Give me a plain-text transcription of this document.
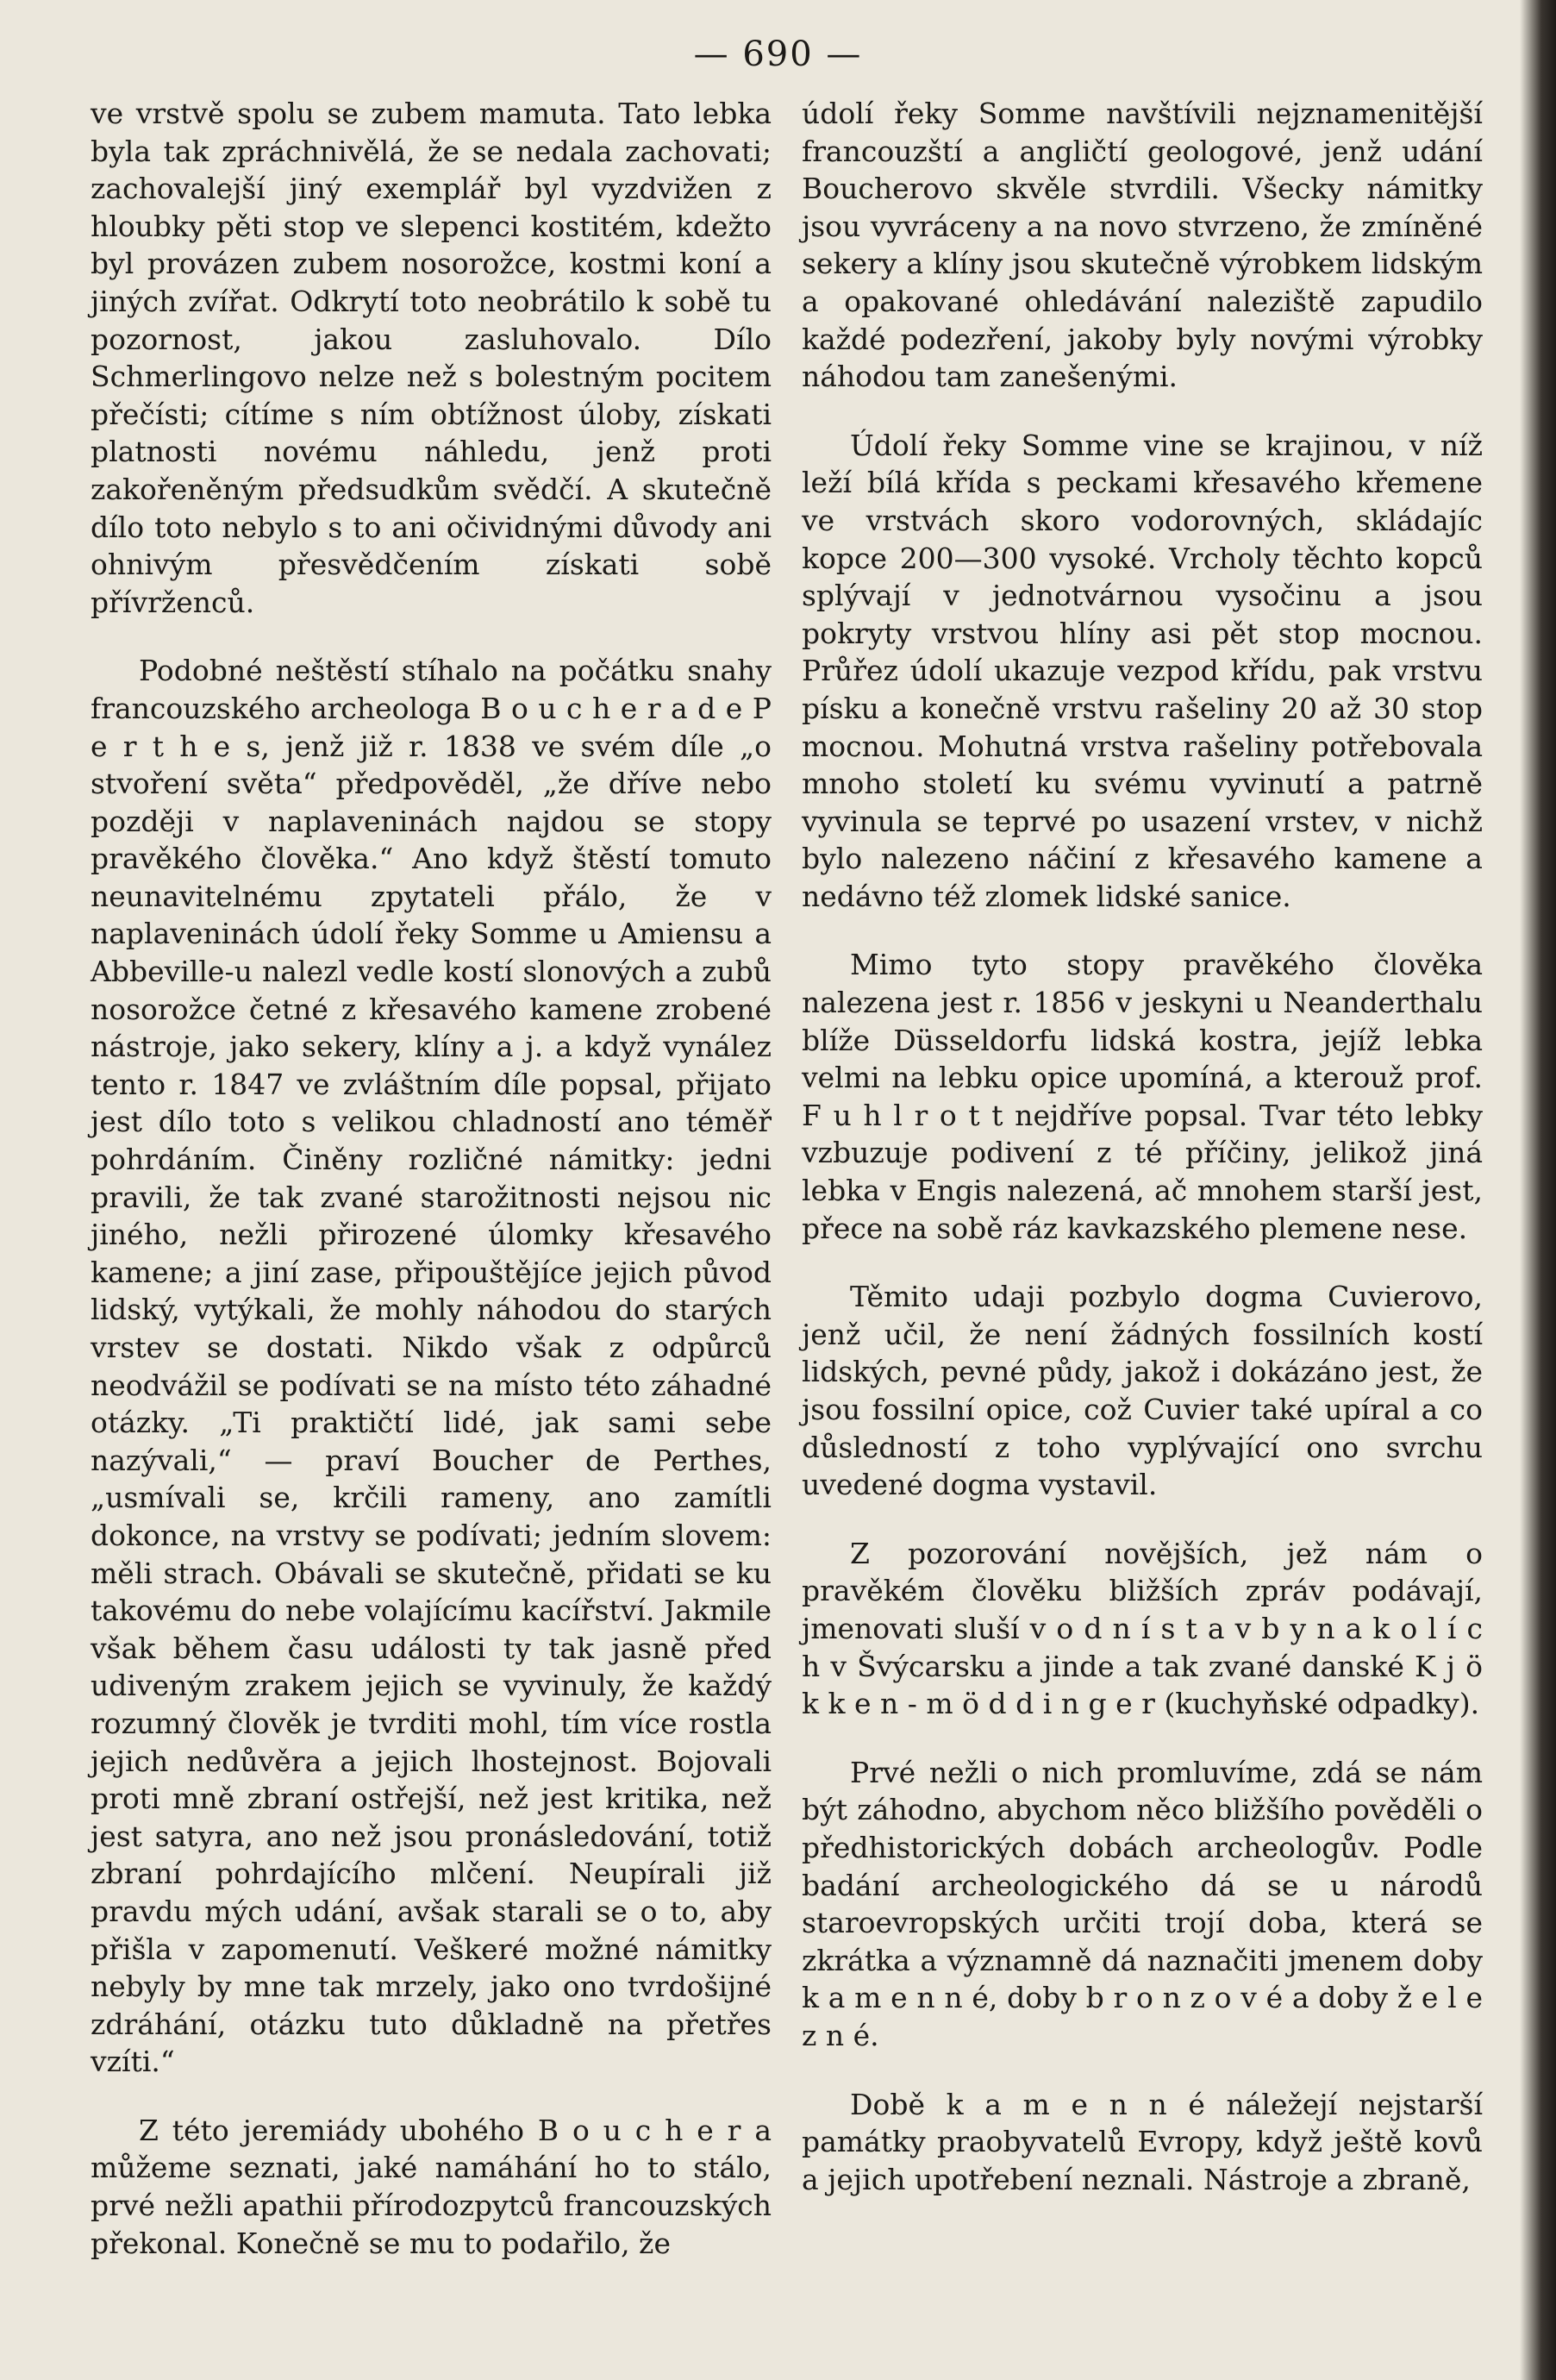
— 690 —

ve vrstvě spolu se zubem mamuta. Tato lebka byla tak zpráchnivělá, že se nedala zachovati; zachovalejší jiný exemplář byl vyzdvižen z hloubky pěti stop ve slepenci kostitém, kdežto byl provázen zubem nosorožce, kostmi koní a jiných zvířat. Odkrytí toto neobrátilo k sobě tu pozornost, jakou zasluhovalo. Dílo Schmerlingovo nelze než s bolestným pocitem přečísti; cítíme s ním obtížnost úloby, získati platnosti novému náhledu, jenž proti zakořeněným předsudkům svědčí. A skutečně dílo toto nebylo s to ani očividnými důvody ani ohnivým přesvědčením získati sobě přívrženců.

Podobné neštěstí stíhalo na počátku snahy francouzského archeologa B o u c h e r a d e P e r t h e s, jenž již r. 1838 ve svém díle „o stvoření světa“ předpověděl, „že dříve nebo později v naplaveninách najdou se stopy pravěkého člověka.“ Ano když štěstí tomuto neunavitelnému zpytateli přálo, že v naplaveninách údolí řeky Somme u Amiensu a Abbeville-u nalezl vedle kostí slonových a zubů nosorožce četné z křesavého kamene zrobené nástroje, jako sekery, klíny a j. a když vynález tento r. 1847 ve zvláštním díle popsal, přijato jest dílo toto s velikou chladností ano téměř pohrdáním. Činěny rozličné námitky: jedni pravili, že tak zvané starožitnosti nejsou nic jiného, nežli přirozené úlomky křesavého kamene; a jiní zase, připouštějíce jejich původ lidský, vytýkali, že mohly náhodou do starých vrstev se dostati. Nikdo však z odpůrců neodvážil se podívati se na místo této záhadné otázky. „Ti praktičtí lidé, jak sami sebe nazývali,“ — praví Boucher de Perthes, „usmívali se, krčili rameny, ano zamítli dokonce, na vrstvy se podívati; jedním slovem: měli strach. Obávali se skutečně, přidati se ku takovému do nebe volajícímu kacířství. Jakmile však během času události ty tak jasně před udiveným zrakem jejich se vyvinuly, že každý rozumný člověk je tvrditi mohl, tím více rostla jejich nedůvěra a jejich lhostejnost. Bojovali proti mně zbraní ostřejší, než jest kritika, než jest satyra, ano než jsou pronásledování, totiž zbraní pohrdajícího mlčení. Neupírali již pravdu mých udání, avšak starali se o to, aby přišla v zapomenutí. Veškeré možné námitky nebyly by mne tak mrzely, jako ono tvrdošijné zdráhání, otázku tuto důkladně na přetřes vzíti.“

Z této jeremiády ubohého B o u c h e r a můžeme seznati, jaké namáhání ho to stálo, prvé nežli apathii přírodozpytců francouzských překonal. Konečně se mu to podařilo, že

údolí řeky Somme navštívili nejznamenitější francouzští a angličtí geologové, jenž udání Boucherovo skvěle stvrdili. Všecky námitky jsou vyvráceny a na novo stvrzeno, že zmíněné sekery a klíny jsou skutečně výrobkem lidským a opakované ohledávání naleziště zapudilo každé podezření, jakoby byly novými výrobky náhodou tam zanešenými.

Údolí řeky Somme vine se krajinou, v níž leží bílá křída s peckami křesavého křemene ve vrstvách skoro vodorovných, skládajíc kopce 200—300 vysoké. Vrcholy těchto kopců splývají v jednotvárnou vysočinu a jsou pokryty vrstvou hlíny asi pět stop mocnou. Průřez údolí ukazuje vezpod křídu, pak vrstvu písku a konečně vrstvu rašeliny 20 až 30 stop mocnou. Mohutná vrstva rašeliny potřebovala mnoho století ku svému vyvinutí a patrně vyvinula se teprvé po usazení vrstev, v nichž bylo nalezeno náčiní z křesavého kamene a nedávno též zlomek lidské sanice.

Mimo tyto stopy pravěkého člověka nalezena jest r. 1856 v jeskyni u Neanderthalu blíže Düsseldorfu lidská kostra, jejíž lebka velmi na lebku opice upomíná, a kterouž prof. F u h l r o t t nejdříve popsal. Tvar této lebky vzbuzuje podivení z té příčiny, jelikož jiná lebka v Engis nalezená, ač mnohem starší jest, přece na sobě ráz kavkazského plemene nese.

Těmito udaji pozbylo dogma Cuvierovo, jenž učil, že není žádných fossilních kostí lidských, pevné půdy, jakož i dokázáno jest, že jsou fossilní opice, což Cuvier také upíral a co důsledností z toho vyplývající ono svrchu uvedené dogma vystavil.

Z pozorování novějších, jež nám o pravěkém člověku bližších zpráv podávají, jmenovati sluší v o d n í s t a v b y n a k o l í c h v Švýcarsku a jinde a tak zvané danské K j ö k k e n - m ö d d i n g e r (kuchyňské odpadky).

Prvé nežli o nich promluvíme, zdá se nám být záhodno, abychom něco bližšího pověděli o předhistorických dobách archeologův. Podle badání archeologického dá se u národů staroevropských určiti trojí doba, která se zkrátka a významně dá naznačiti jmenem doby k a m e n n é, doby b r o n z o v é a doby ž e l e z n é.

Době k a m e n n é náležejí nejstarší památky praobyvatelů Evropy, když ještě kovů a jejich upotřebení neznali. Nástroje a zbraně,
